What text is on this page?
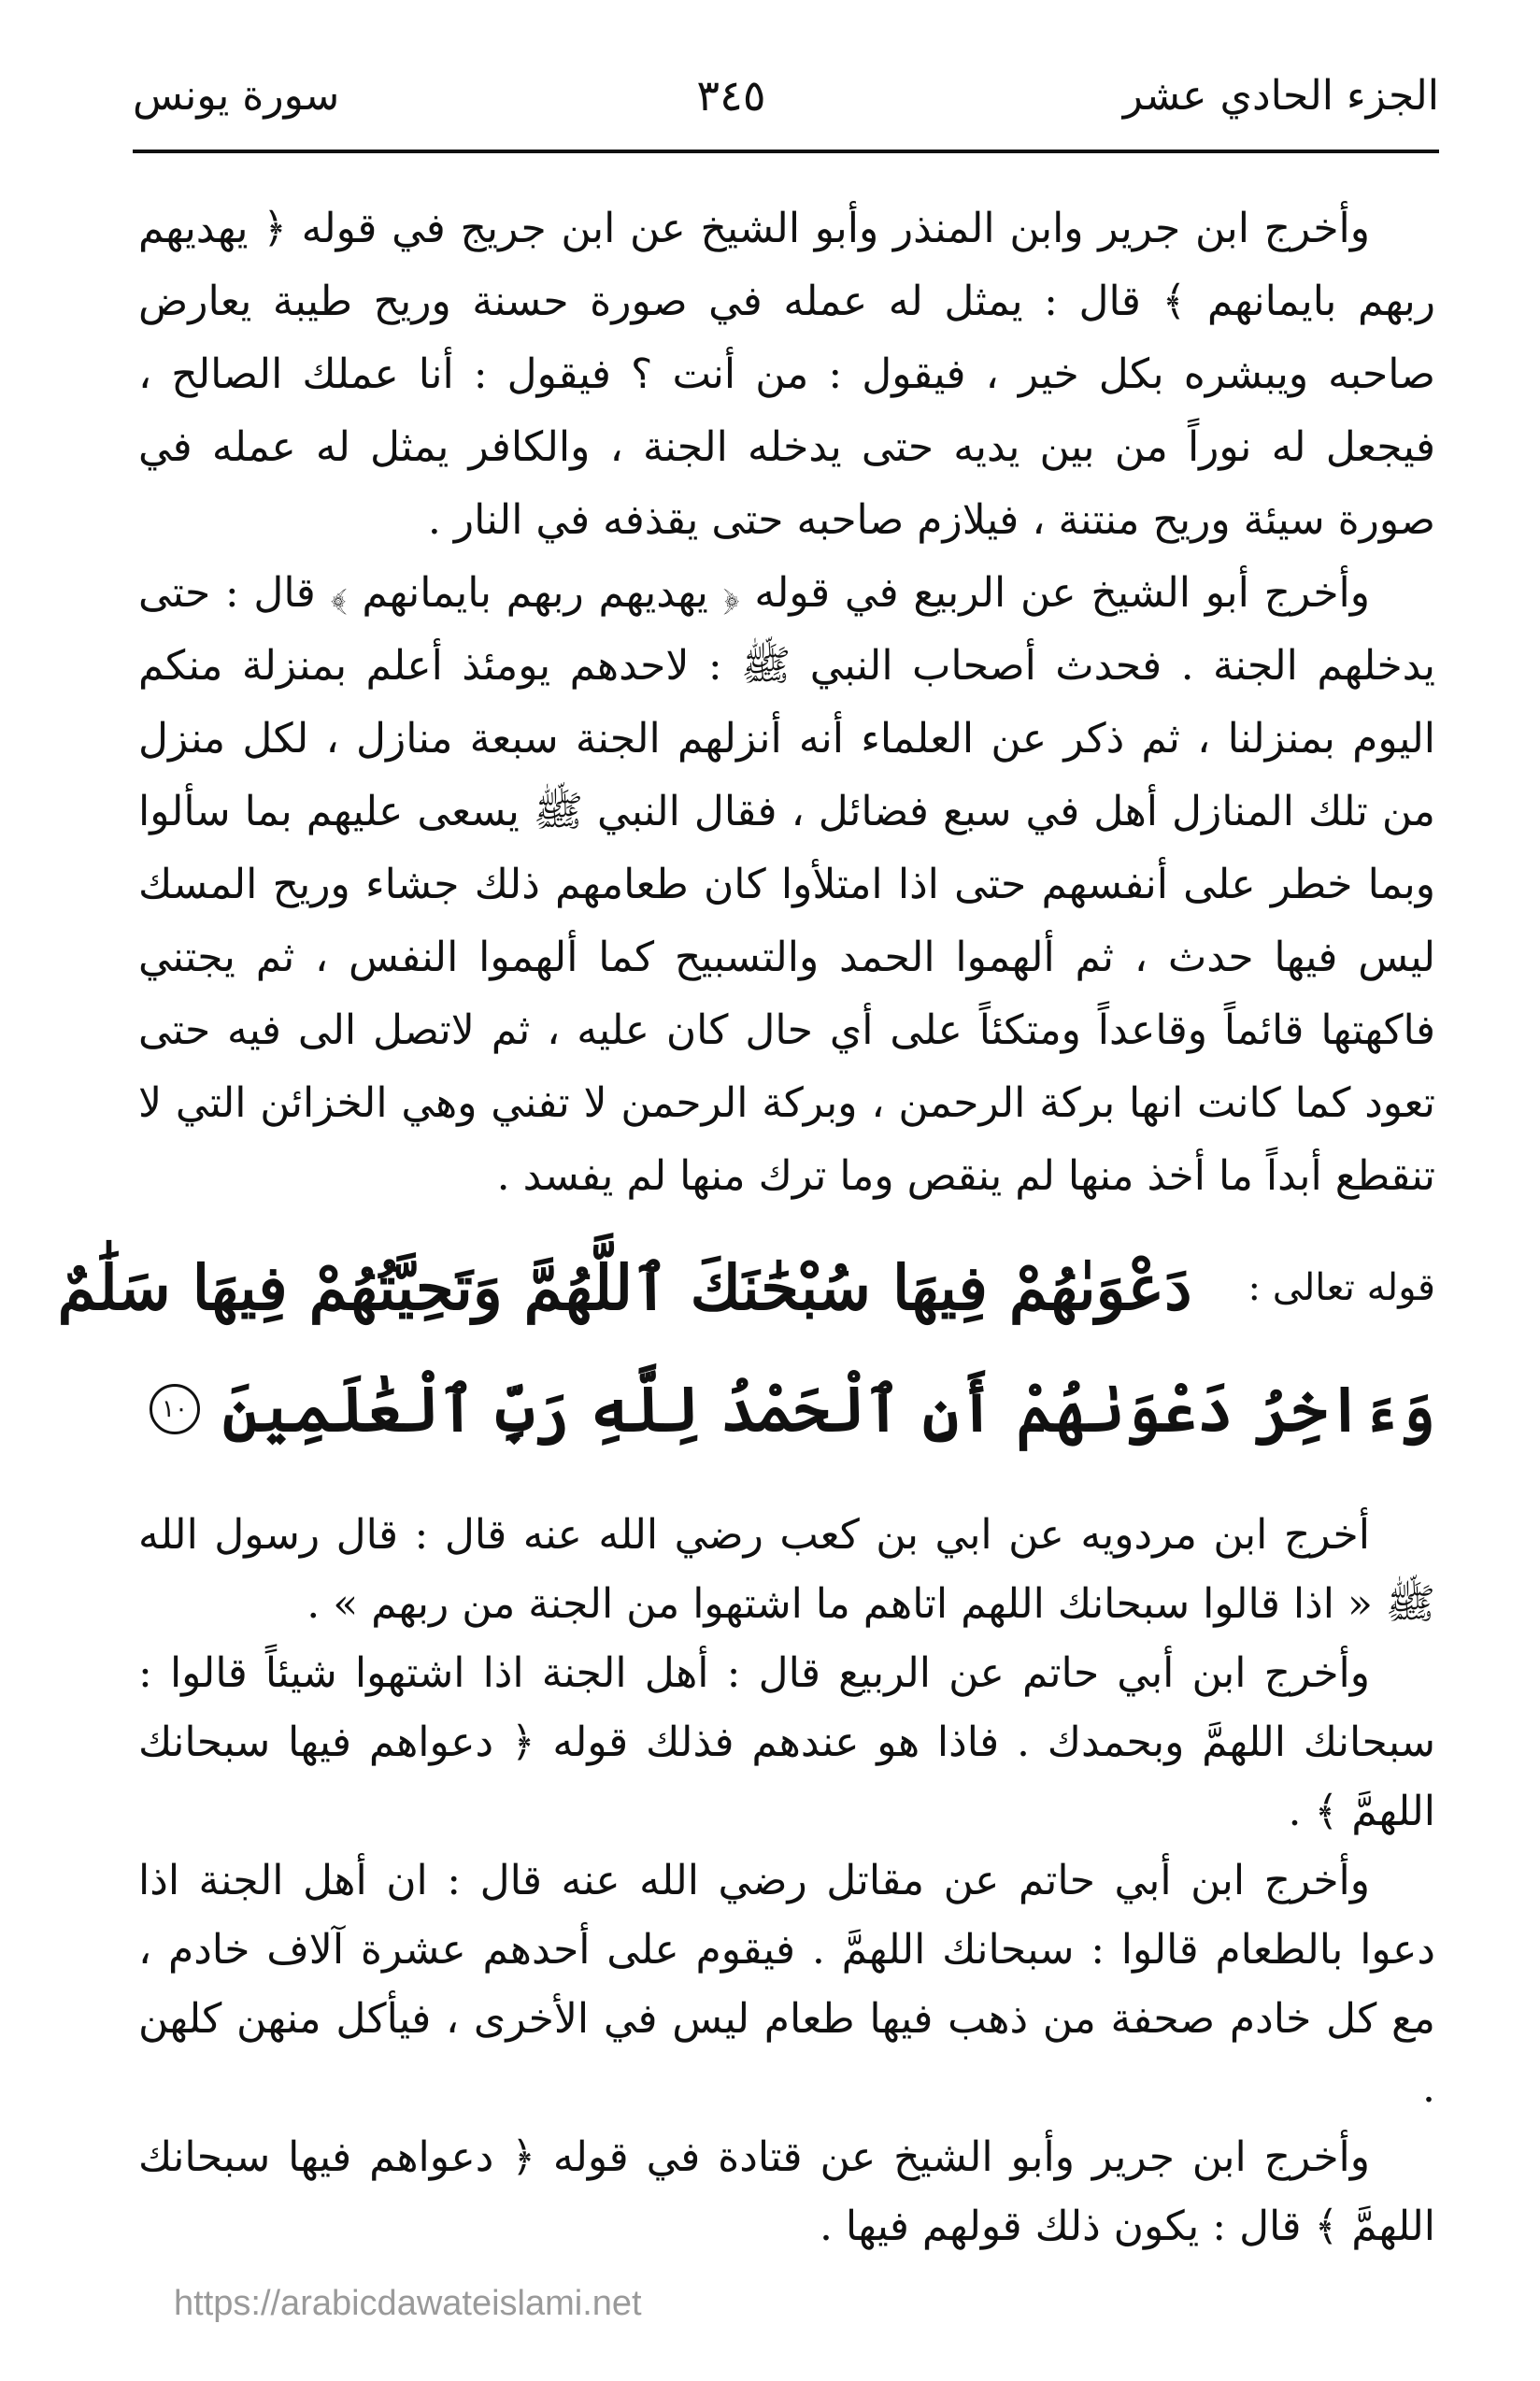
الجزء الحادي عشر
٣٤٥
سورة يونس

وأخرج ابن جرير وابن المنذر وأبو الشيخ عن ابن جريج في قوله ﴿ يهديهم ربهم بايمانهم ﴾ قال : يمثل له عمله في صورة حسنة وريح طيبة يعارض صاحبه ويبشره بكل خير ، فيقول : من أنت ؟ فيقول : أنا عملك الصالح ، فيجعل له نوراً من بين يديه حتى يدخله الجنة ، والكافر يمثل له عمله في صورة سيئة وريح منتنة ، فيلازم صاحبه حتى يقذفه في النار .

وأخرج أبو الشيخ عن الربيع في قوله ﴿ يهديهم ربهم بايمانهم ﴾ قال : حتى يدخلهم الجنة . فحدث أصحاب النبي ﷺ : لاحدهم يومئذ أعلم بمنزلة منكم اليوم بمنزلنا ، ثم ذكر عن العلماء أنه أنزلهم الجنة سبعة منازل ، لكل منزل من تلك المنازل أهل في سبع فضائل ، فقال النبي ﷺ يسعى عليهم بما سألوا وبما خطر على أنفسهم حتى اذا امتلأوا كان طعامهم ذلك جشاء وريح المسك ليس فيها حدث ، ثم ألهموا الحمد والتسبيح كما ألهموا النفس ، ثم يجتني فاكهتها قائماً وقاعداً ومتكئاً على أي حال كان عليه ، ثم لاتصل الى فيه حتى تعود كما كانت انها بركة الرحمن ، وبركة الرحمن لا تفني وهي الخزائن التي لا تنقطع أبداً ما أخذ منها لم ينقص وما ترك منها لم يفسد .

قوله تعالى :
دَعْوَىٰهُمْ فِيهَا سُبْحَٰنَكَ ٱللَّهُمَّ وَتَحِيَّتُهُمْ فِيهَا سَلَٰمٌ
وَءَاخِرُ دَعْوَىٰهُمْ أَنِ ٱلْحَمْدُ لِلَّهِ رَبِّ ٱلْعَٰلَمِينَ
١٠

أخرج ابن مردويه عن ابي بن كعب رضي الله عنه قال : قال رسول الله ﷺ « اذا قالوا سبحانك اللهم اتاهم ما اشتهوا من الجنة من ربهم » .

وأخرج ابن أبي حاتم عن الربيع قال : أهل الجنة اذا اشتهوا شيئاً قالوا : سبحانك اللهمَّ وبحمدك . فاذا هو عندهم فذلك قوله ﴿ دعواهم فيها سبحانك اللهمَّ ﴾ .

وأخرج ابن أبي حاتم عن مقاتل رضي الله عنه قال : ان أهل الجنة اذا دعوا بالطعام قالوا : سبحانك اللهمَّ . فيقوم على أحدهم عشرة آلاف خادم ، مع كل خادم صحفة من ذهب فيها طعام ليس في الأخرى ، فيأكل منهن كلهن .

وأخرج ابن جرير وأبو الشيخ عن قتادة في قوله ﴿ دعواهم فيها سبحانك اللهمَّ ﴾ قال : يكون ذلك قولهم فيها .

https://arabicdawateislami.net
